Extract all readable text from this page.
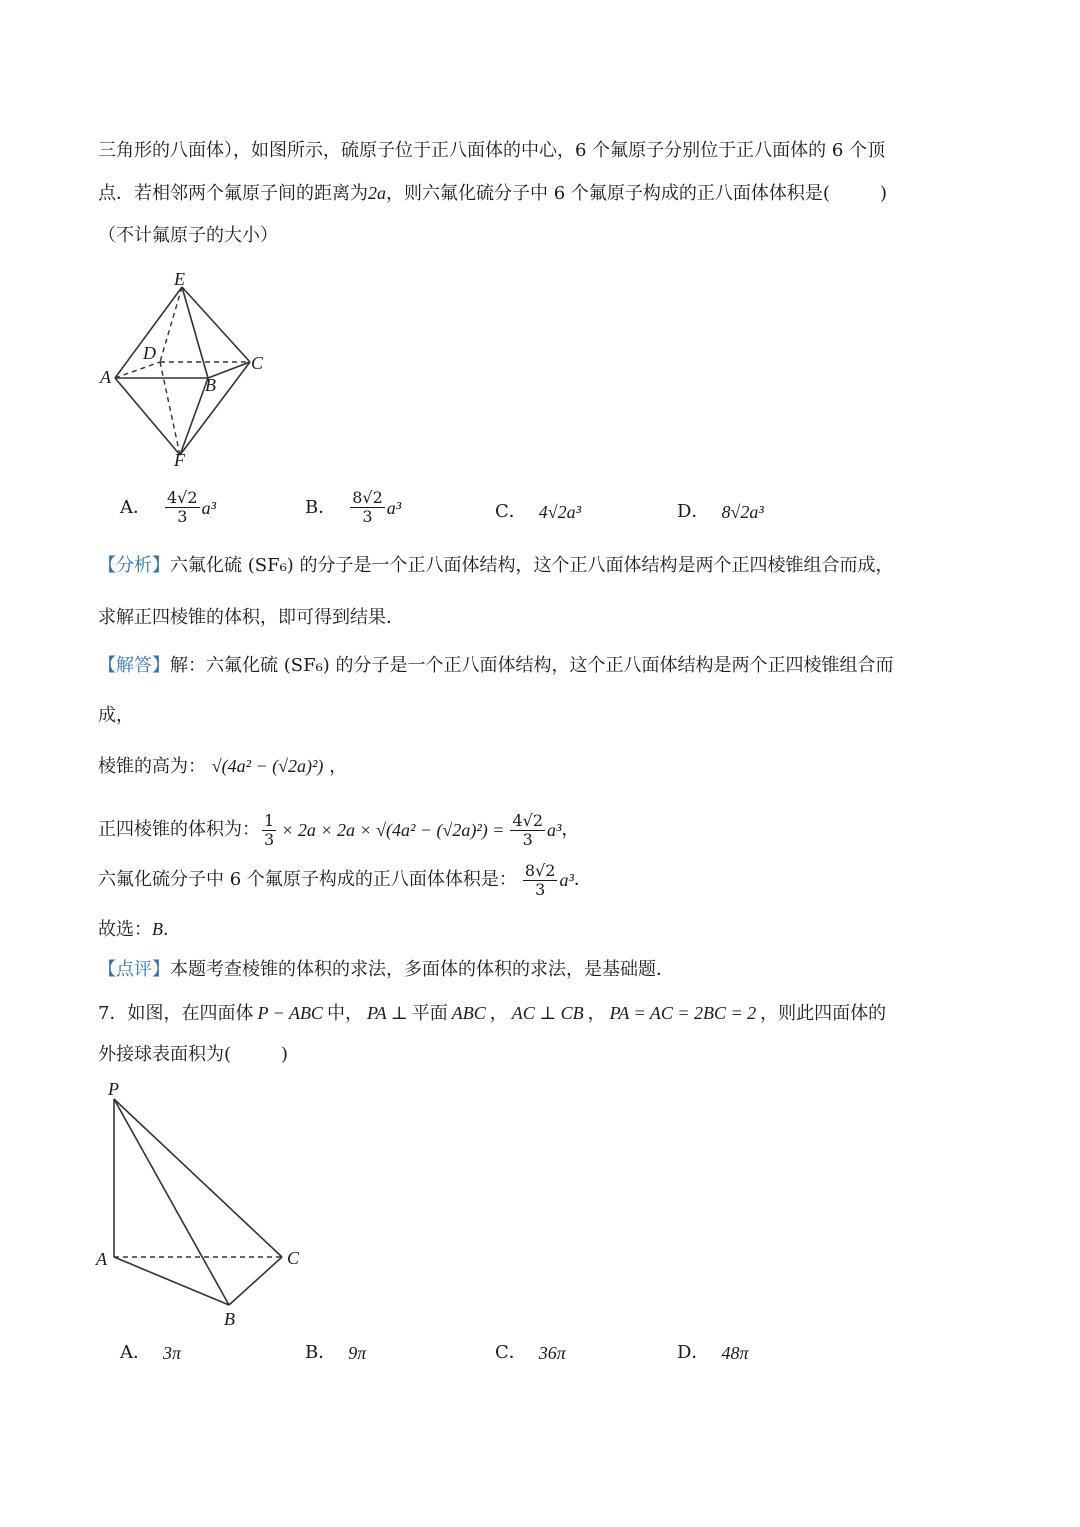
三角形的八面体），如图所示，硫原子位于正八面体的中心，6 个氟原子分别位于正八面体的 6 个顶
点．若相邻两个氟原子间的距离为2a，则六氟化硫分子中 6 个氟原子构成的正八面体体积是(	)
（不计氟原子的大小）
E
D	C
A	B
F
A． $\frac{4√2}{3} a^3$	B． $\frac{8√2}{3} a^3$	C． 4√2a³	D． 8√2a³
【分析】六氟化硫 (SF₆) 的分子是一个正八面体结构，这个正八面体结构是两个正四棱锥组合而成，
求解正四棱锥的体积，即可得到结果．
【解答】解：六氟化硫 (SF₆) 的分子是一个正八面体结构，这个正八面体结构是两个正四棱锥组合而
成，
棱锥的高为： √(4a² − (√2a)²) ，
正四棱锥的体积为： $\frac{1}{3} \times 2a \times 2a \times √(4a^2 - (√2a)^2) = \frac{4√2}{3} a^3$ ，
六氟化硫分子中 6 个氟原子构成的正八面体体积是： $\frac{8√2}{3} a^3$ ．
故选：B．
【点评】本题考查棱锥的体积的求法，多面体的体积的求法，是基础题．
7．如图，在四面体 P − ABC 中， PA ⊥ 平面 ABC ， AC ⊥ CB ， PA = AC = 2BC = 2 ，则此四面体的
外接球表面积为(	)
P
A	C
B
A． 3π	B． 9π	C． 36π	D． 48π
